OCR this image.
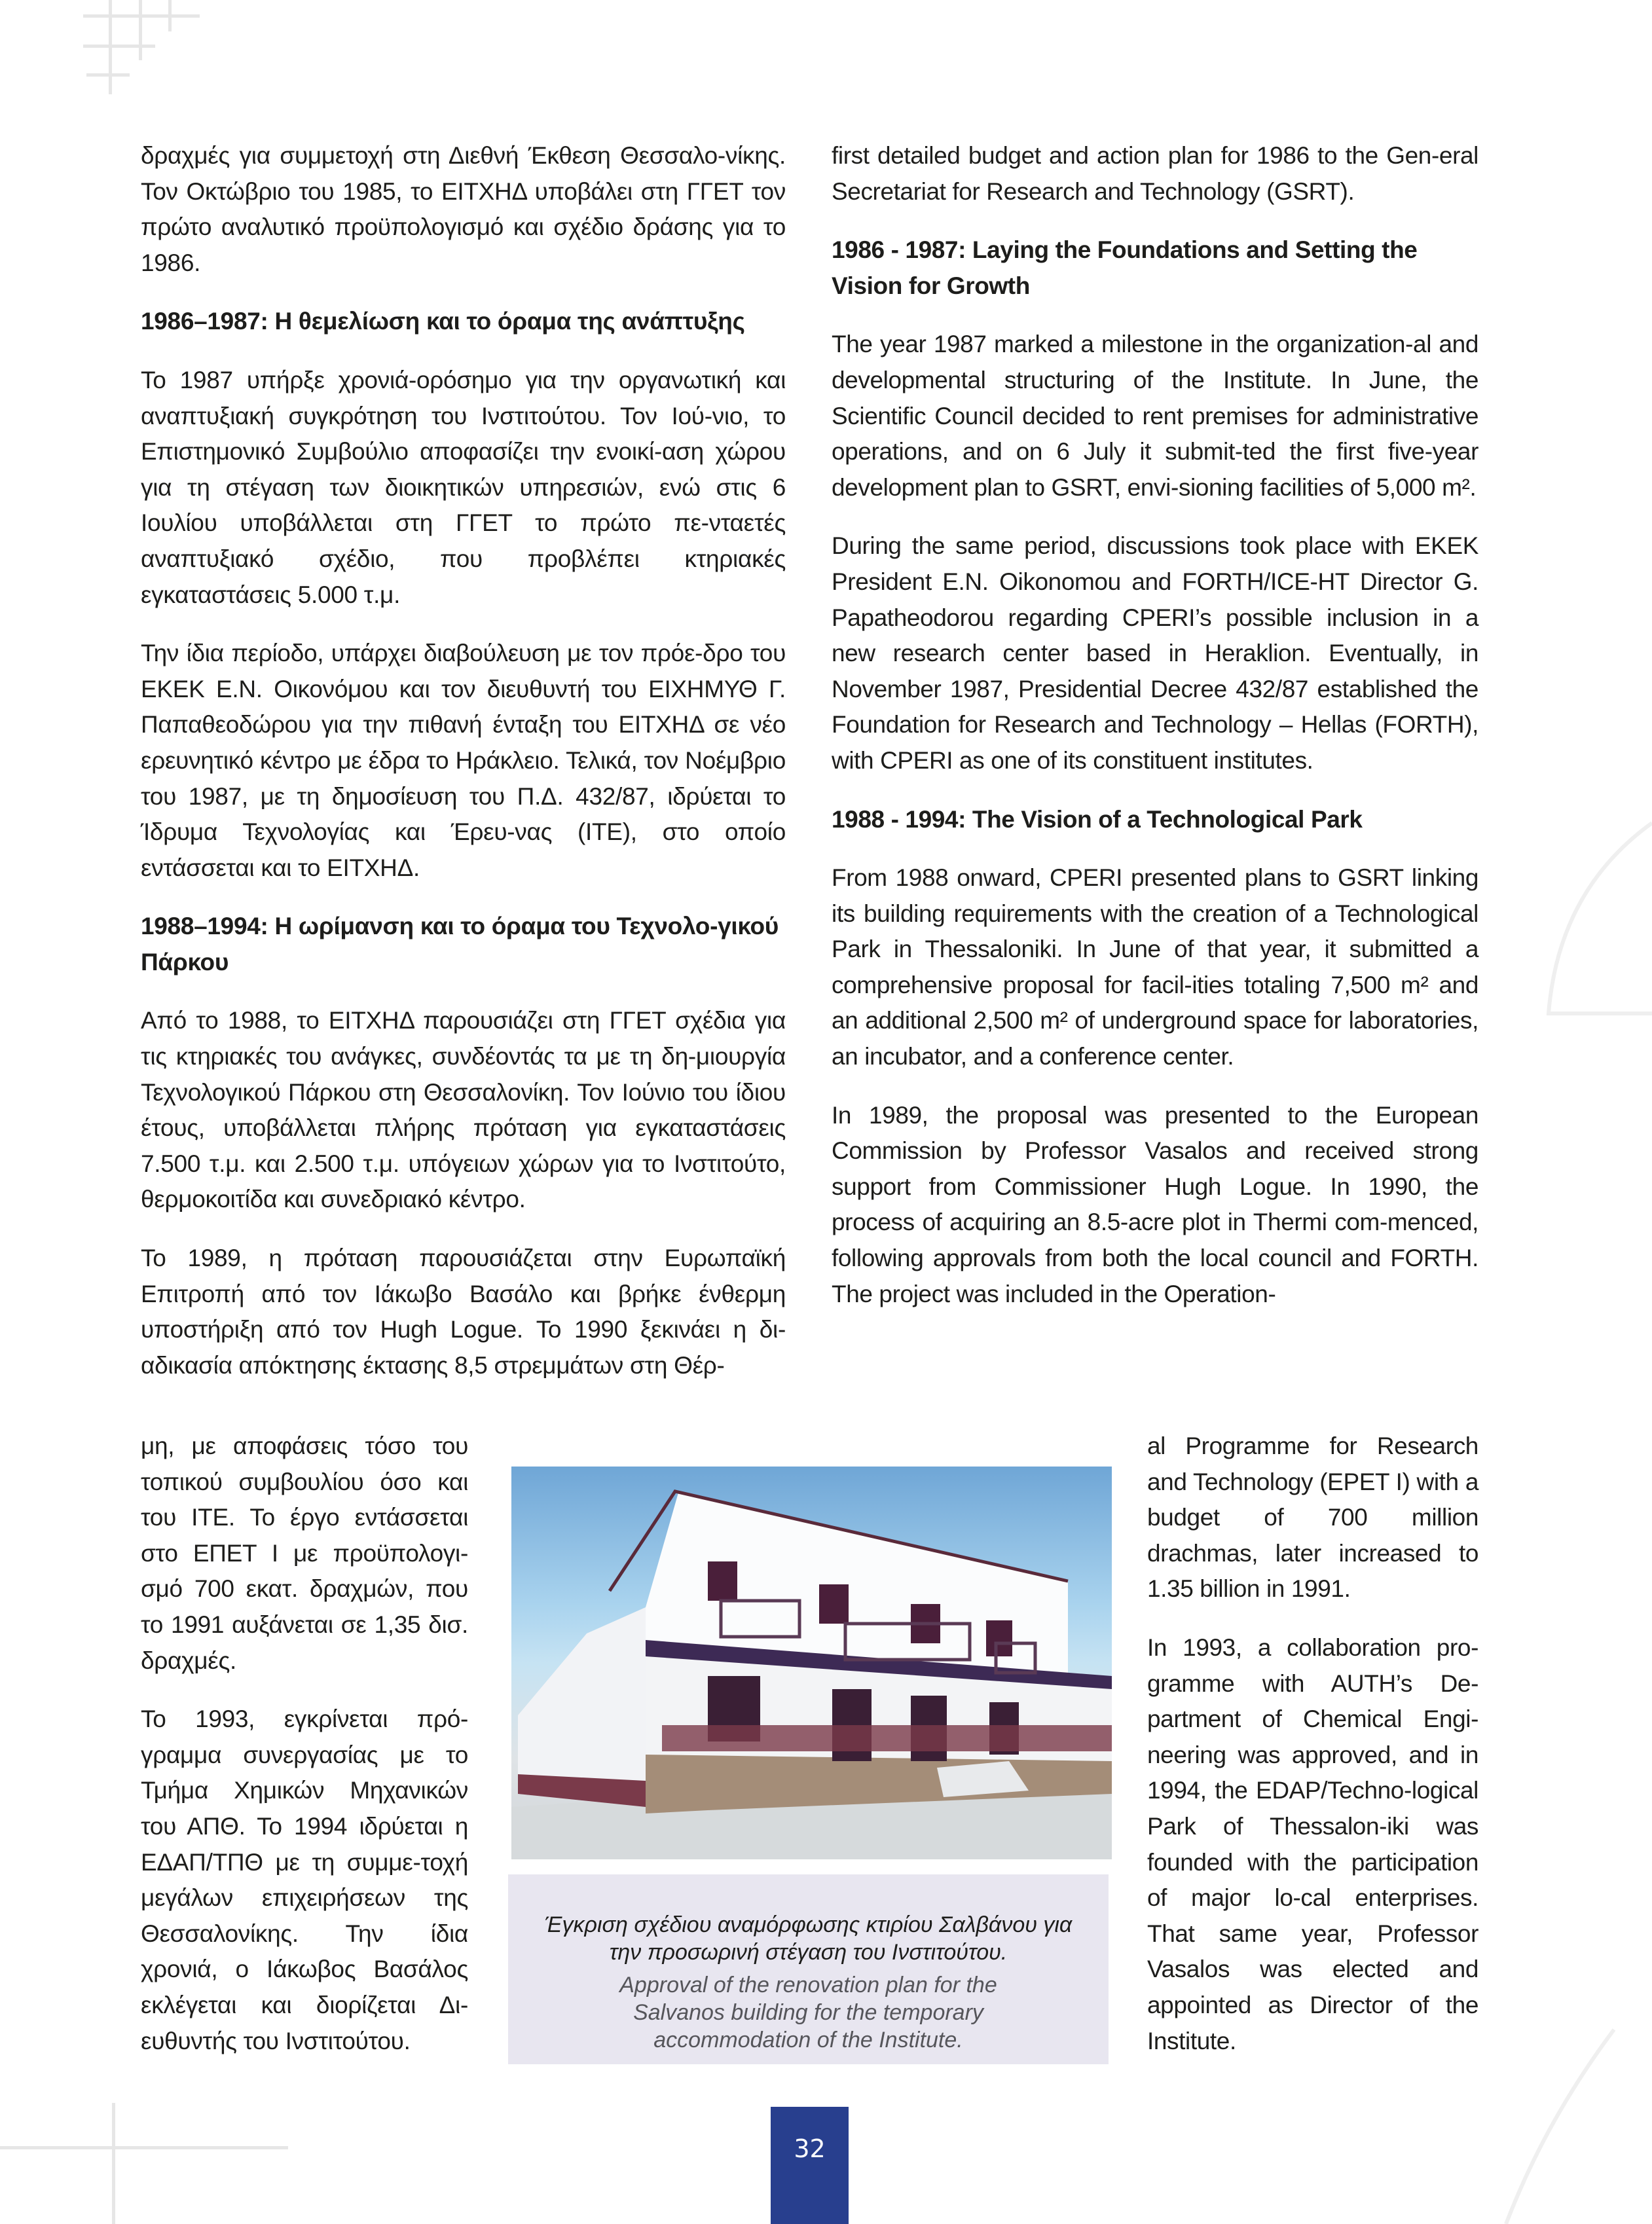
δραχμές για συμμετοχή στη Διεθνή Έκθεση Θεσσαλο-νίκης. Τον Οκτώβριο του 1985, το ΕΙΤΧΗΔ υποβάλει στη ΓΓΕΤ τον πρώτο αναλυτικό προϋπολογισμό και σχέδιο δράσης για το 1986.

1986–1987: Η θεμελίωση και το όραμα της ανάπτυξης

Το 1987 υπήρξε χρονιά-ορόσημο για την οργανωτική και αναπτυξιακή συγκρότηση του Ινστιτούτου. Τον Ιού-νιο, το Επιστημονικό Συμβούλιο αποφασίζει την ενοικί-αση χώρου για τη στέγαση των διοικητικών υπηρεσιών, ενώ στις 6 Ιουλίου υποβάλλεται στη ΓΓΕΤ το πρώτο πε-νταετές αναπτυξιακό σχέδιο, που προβλέπει κτηριακές εγκαταστάσεις 5.000 τ.μ.

Την ίδια περίοδο, υπάρχει διαβούλευση με τον πρόε-δρο του ΕΚΕΚ Ε.Ν. Οικονόμου και τον διευθυντή του ΕΙΧΗΜΥΘ Γ. Παπαθεοδώρου για την πιθανή ένταξη του ΕΙΤΧΗΔ σε νέο ερευνητικό κέντρο με έδρα το Ηράκλειο. Τελικά, τον Νοέμβριο του 1987, με τη δημοσίευση του Π.Δ. 432/87, ιδρύεται το Ίδρυμα Τεχνολογίας και Έρευ-νας (ΙΤΕ), στο οποίο εντάσσεται και το ΕΙΤΧΗΔ.

1988–1994: Η ωρίμανση και το όραμα του Τεχνολο-γικού Πάρκου

Από το 1988, το ΕΙΤΧΗΔ παρουσιάζει στη ΓΓΕΤ σχέδια για τις κτηριακές του ανάγκες, συνδέοντάς τα με τη δη-μιουργία Τεχνολογικού Πάρκου στη Θεσσαλονίκη. Τον Ιούνιο του ίδιου έτους, υποβάλλεται πλήρης πρόταση για εγκαταστάσεις 7.500 τ.μ. και 2.500 τ.μ. υπόγειων χώρων για το Ινστιτούτο, θερμοκοιτίδα και συνεδριακό κέντρο.

Το 1989, η πρόταση παρουσιάζεται στην Ευρωπαϊκή Επιτροπή από τον Ιάκωβο Βασάλο και βρήκε ένθερμη υποστήριξη από τον Hugh Logue. Το 1990 ξεκινάει η δι-αδικασία απόκτησης έκτασης 8,5 στρεμμάτων στη Θέρ-

μη, με αποφάσεις τόσο του τοπικού συμβουλίου όσο και του ΙΤΕ. Το έργο εντάσσεται στο ΕΠΕΤ Ι με προϋπολογι-σμό 700 εκατ. δραχμών, που το 1991 αυξάνεται σε 1,35 δισ. δραχμές.

Το 1993, εγκρίνεται πρό-γραμμα συνεργασίας με το Τμήμα Χημικών Μηχανικών του ΑΠΘ. Το 1994 ιδρύεται η ΕΔΑΠ/ΤΠΘ με τη συμμε-τοχή μεγάλων επιχειρήσεων της Θεσσαλονίκης. Την ίδια χρονιά, ο Ιάκωβος Βασάλος εκλέγεται και διορίζεται Δι-ευθυντής του Ινστιτούτου.

first detailed budget and action plan for 1986 to the Gen-eral Secretariat for Research and Technology (GSRT).

1986 - 1987: Laying the Foundations and Setting the Vision for Growth

The year 1987 marked a milestone in the organization-al and developmental structuring of the Institute. In June, the Scientific Council decided to rent premises for administrative operations, and on 6 July it submit-ted the first five-year development plan to GSRT, envi-sioning facilities of 5,000 m².

During the same period, discussions took place with EKEK President E.N. Oikonomou and FORTH/ICE-HT Director G. Papatheodorou regarding CPERI’s possible inclusion in a new research center based in Heraklion. Eventually, in November 1987, Presidential Decree 432/87 established the Foundation for Research and Technology – Hellas (FORTH), with CPERI as one of its constituent institutes.

1988 - 1994: The Vision of a Technological Park

From 1988 onward, CPERI presented plans to GSRT linking its building requirements with the creation of a Technological Park in Thessaloniki. In June of that year, it submitted a comprehensive proposal for facil-ities totaling 7,500 m² and an additional 2,500 m² of underground space for laboratories, an incubator, and a conference center.

In 1989, the proposal was presented to the European Commission by Professor Vasalos and received strong support from Commissioner Hugh Logue. In 1990, the process of acquiring an 8.5-acre plot in Thermi com-menced, following approvals from both the local council and FORTH. The project was included in the Operation-

al Programme for Research and Technology (EPET I) with a budget of 700 million drachmas, later increased to 1.35 billion in 1991.

In 1993, a collaboration pro-gramme with AUTH’s De-partment of Chemical Engi-neering was approved, and in 1994, the EDAP/Techno-logical Park of Thessalon-iki was founded with the participation of major lo-cal enterprises. That same year, Professor Vasalos was elected and appointed as Director of the Institute.

Έγκριση σχέδιου αναμόρφωσης κτιρίου Σαλβάνου για την προσωρινή στέγαση του Ινστιτούτου.
Approval of the renovation plan for the Salvanos building for the temporary accommodation of the Institute.
32
